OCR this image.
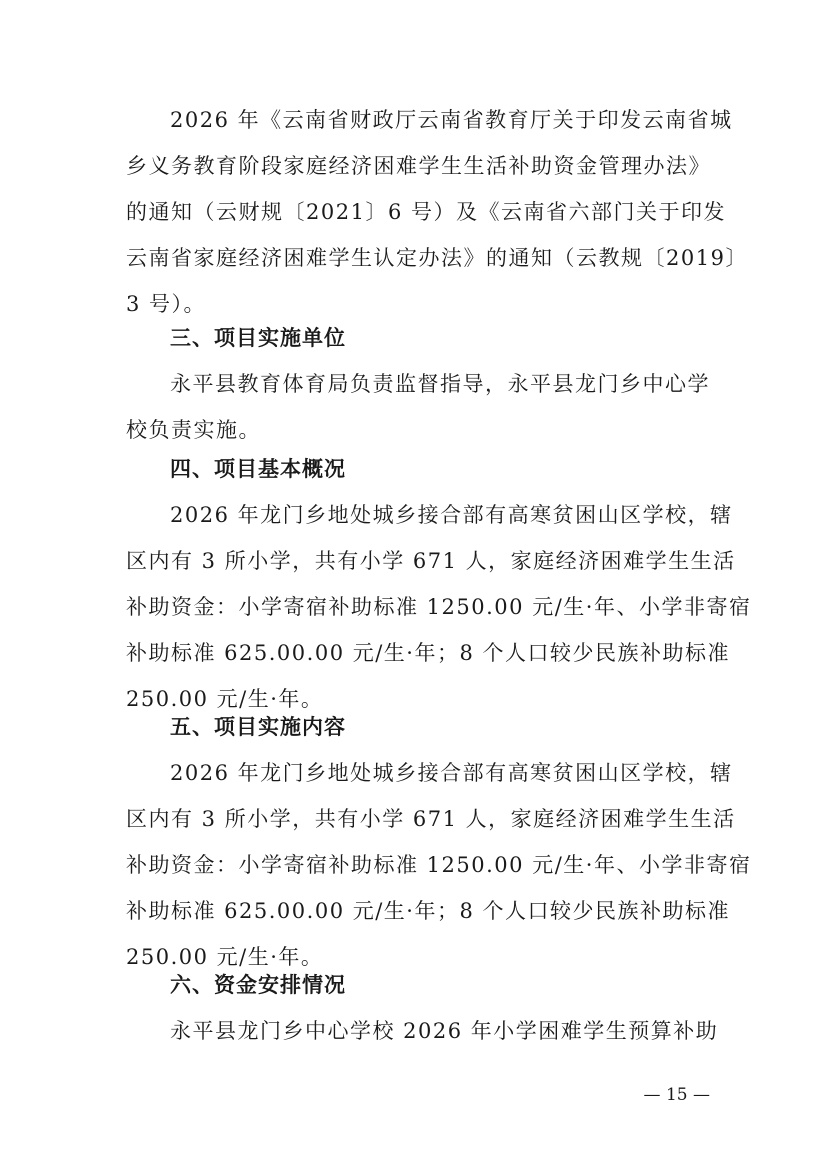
2026 年《云南省财政厅云南省教育厅关于印发云南省城
乡义务教育阶段家庭经济困难学生生活补助资金管理办法》
的通知（云财规〔2021〕6 号）及《云南省六部门关于印发
云南省家庭经济困难学生认定办法》的通知（云教规〔2019〕
3 号）。
三、项目实施单位
永平县教育体育局负责监督指导，永平县龙门乡中心学
校负责实施。
四、项目基本概况
2026 年龙门乡地处城乡接合部有高寒贫困山区学校，辖
区内有 3 所小学，共有小学 671 人，家庭经济困难学生生活
补助资金：小学寄宿补助标准 1250.00 元/生·年、小学非寄宿
补助标准 625.00.00 元/生·年；8 个人口较少民族补助标准
250.00 元/生·年。
五、项目实施内容
2026 年龙门乡地处城乡接合部有高寒贫困山区学校，辖
区内有 3 所小学，共有小学 671 人，家庭经济困难学生生活
补助资金：小学寄宿补助标准 1250.00 元/生·年、小学非寄宿
补助标准 625.00.00 元/生·年；8 个人口较少民族补助标准
250.00 元/生·年。
六、资金安排情况
永平县龙门乡中心学校 2026 年小学困难学生预算补助
— 15 —
